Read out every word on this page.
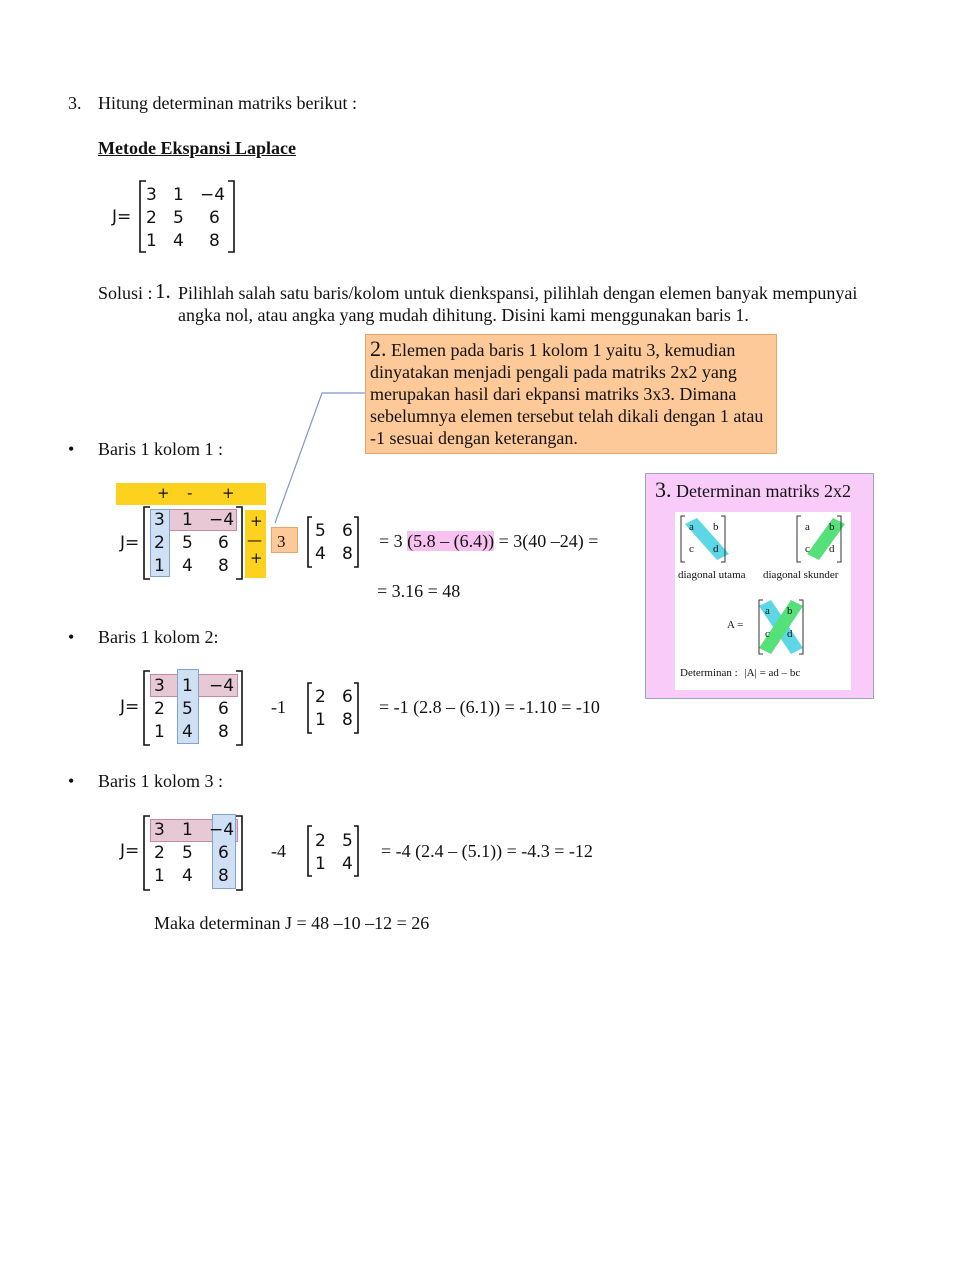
3. Hitung determinan matriks berikut :
Metode Ekspansi Laplace
J=
3 1 −4
2 5 6
1 4 8
Solusi : 1. Pilihlah salah satu baris/kolom untuk dienkspansi, pilihlah dengan elemen banyak mempunyai
angka nol, atau angka yang mudah dihitung. Disini kami menggunakan baris 1.
2. Elemen pada baris 1 kolom 1 yaitu 3, kemudian dinyatakan menjadi pengali pada matriks 2x2 yang merupakan hasil dari ekpansi matriks 3x3. Dimana sebelumnya elemen tersebut telah dikali dengan 1 atau -1 sesuai dengan keterangan.
3. Determinan matriks 2x2
a b
c d
a b
c d
diagonal utama diagonal skunder
A =
a b
c d
Determinan : |A| = ad – bc
• Baris 1 kolom 1 :
+ - +
+
—
+
J=
3 1 −4
2 5 6
1 4 8
3
5 6
4 8
= 3 (5.8 – (6.4)) = 3(40 –24) =
= 3.16 = 48
• Baris 1 kolom 2:
J=
3 1 −4
2 5 6
1 4 8
-1 2 6
1 8
= -1 (2.8 – (6.1)) = -1.10 = -10
• Baris 1 kolom 3 :
J=
3 1 −4
2 5 6
1 4 8
-4 2 5
1 4
= -4 (2.4 – (5.1)) = -4.3 = -12
Maka determinan J = 48 –10 –12 = 26
